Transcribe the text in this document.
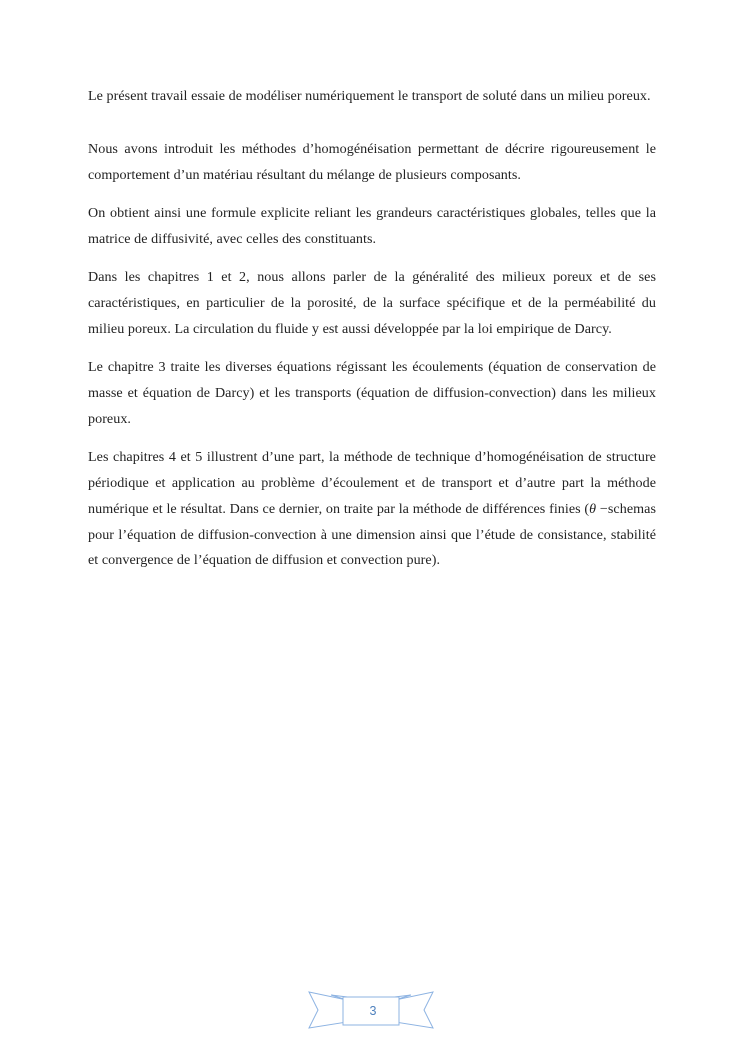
Le présent travail essaie de modéliser numériquement le transport de soluté dans un milieu poreux.

Nous avons introduit les méthodes d’homogénéisation permettant de décrire rigoureusement le comportement d’un matériau résultant du mélange de plusieurs composants.

On obtient ainsi une formule explicite reliant les grandeurs caractéristiques globales, telles que la matrice de diffusivité, avec celles des constituants.

Dans les chapitres 1 et 2, nous allons parler de la généralité des milieux poreux et de ses caractéristiques, en particulier de la porosité, de la surface spécifique et de la perméabilité du milieu poreux. La circulation du fluide y est aussi développée par la loi empirique de Darcy.

Le chapitre 3 traite les diverses équations régissant les écoulements (équation de conservation de masse et équation de Darcy) et les transports (équation de diffusion-convection) dans les milieux poreux.

Les chapitres 4 et 5 illustrent d’une part, la méthode de technique d’homogénéisation de structure périodique et application au problème d’écoulement et de transport et d’autre part la méthode numérique et le résultat. Dans ce dernier, on traite par la méthode de différences finies (θ −schemas pour l’équation de diffusion-convection à une dimension ainsi que l’étude de consistance, stabilité et convergence de l’équation de diffusion et convection pure).

3
